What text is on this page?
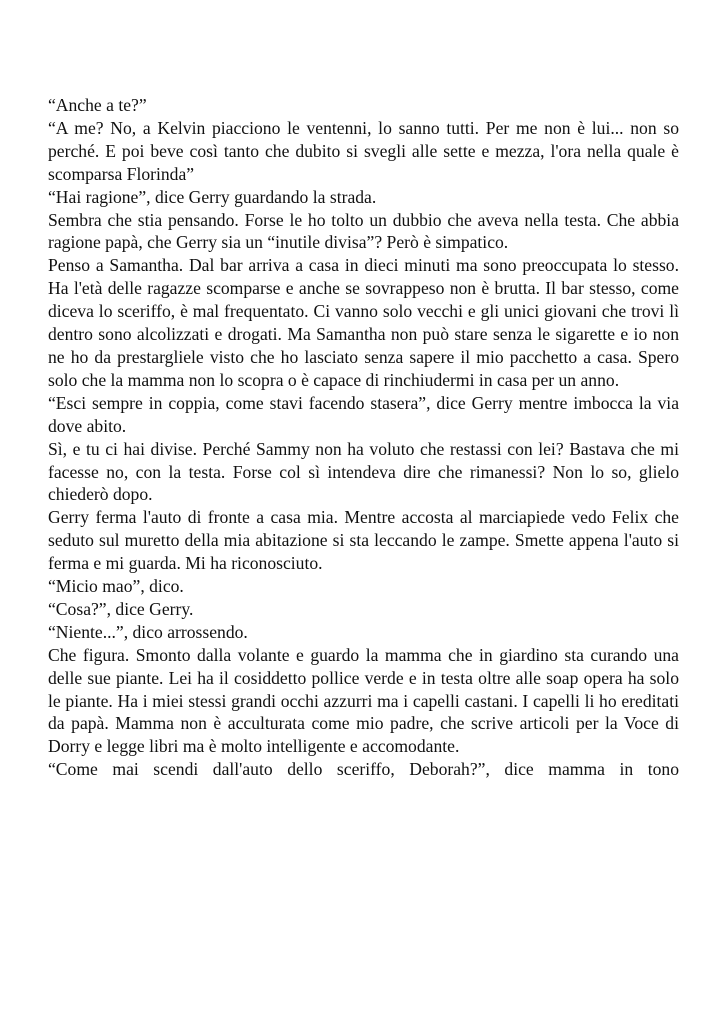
“Anche a te?”

“A me? No, a Kelvin piacciono le ventenni, lo sanno tutti. Per me non è lui... non so perché. E poi beve così tanto che dubito si svegli alle sette e mezza, l'ora nella quale è scomparsa Florinda”

“Hai ragione”, dice Gerry guardando la strada.

Sembra che stia pensando. Forse le ho tolto un dubbio che aveva nella testa. Che abbia ragione papà, che Gerry sia un “inutile divisa”? Però è simpatico.

Penso a Samantha. Dal bar arriva a casa in dieci minuti ma sono preoccupata lo stesso. Ha l'età delle ragazze scomparse e anche se sovrappeso non è brutta. Il bar stesso, come diceva lo sceriffo, è mal frequentato. Ci vanno solo vecchi e gli unici giovani che trovi lì dentro sono alcolizzati e drogati. Ma Samantha non può stare senza le sigarette e io non ne ho da prestargliele visto che ho lasciato senza sapere il mio pacchetto a casa. Spero solo che la mamma non lo scopra o è capace di rinchiudermi in casa per un anno.

“Esci sempre in coppia, come stavi facendo stasera”, dice Gerry mentre imbocca la via dove abito.

Sì, e tu ci hai divise. Perché Sammy non ha voluto che restassi con lei? Bastava che mi facesse no, con la testa. Forse col sì intendeva dire che rimanessi? Non lo so, glielo chiederò dopo.

Gerry ferma l'auto di fronte a casa mia. Mentre accosta al marciapiede vedo Felix che seduto sul muretto della mia abitazione si sta leccando le zampe. Smette appena l'auto si ferma e mi guarda. Mi ha riconosciuto.

“Micio mao”, dico.

“Cosa?”, dice Gerry.

“Niente...”, dico arrossendo.

Che figura. Smonto dalla volante e guardo la mamma che in giardino sta curando una delle sue piante. Lei ha il cosiddetto pollice verde e in testa oltre alle soap opera ha solo le piante. Ha i miei stessi grandi occhi azzurri ma i capelli castani. I capelli li ho ereditati da papà. Mamma non è acculturata come mio padre, che scrive articoli per la Voce di Dorry e legge libri ma è molto intelligente e accomodante.

“Come mai scendi dall'auto dello sceriffo, Deborah?”, dice mamma in tono
